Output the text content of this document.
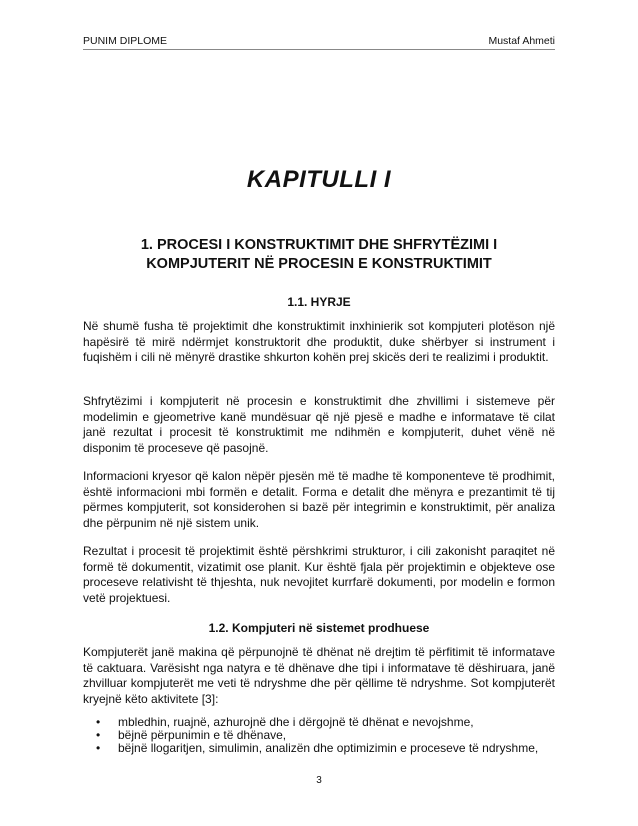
PUNIM DIPLOME	Mustaf Ahmeti
KAPITULLI I
1. PROCESI I KONSTRUKTIMIT DHE SHFRYTËZIMI I KOMPJUTERIT NË PROCESIN E KONSTRUKTIMIT
1.1. HYRJE

Në shumë fusha të projektimit dhe konstruktimit inxhinierik sot kompjuteri plotëson një hapësirë të mirë ndërmjet konstruktorit dhe produktit, duke shërbyer si instrument i fuqishëm i cili në mënyrë drastike shkurton kohën prej skicës deri te realizimi i produktit.

Shfrytëzimi i kompjuterit në procesin e konstruktimit dhe zhvillimi i sistemeve për modelimin e gjeometrive kanë mundësuar që një pjesë e madhe e informatave të cilat janë rezultat i procesit të konstruktimit me ndihmën e kompjuterit, duhet vënë në disponim të proceseve që pasojnë.

Informacioni kryesor që kalon nëpër pjesën më të madhe të komponenteve të prodhimit, është informacioni mbi formën e detalit. Forma e detalit dhe mënyra e prezantimit të tij përmes kompjuterit, sot konsiderohen si bazë për integrimin e konstruktimit, për analiza dhe përpunim në një sistem unik.

Rezultat i procesit të projektimit është përshkrimi strukturor, i cili zakonisht paraqitet në formë të dokumentit, vizatimit ose planit. Kur është fjala për projektimin e objekteve ose proceseve relativisht të thjeshta, nuk nevojitet kurrfarë dokumenti, por modelin e formon vetë projektuesi.

1.2. Kompjuteri në sistemet prodhuese

Kompjuterët janë makina që përpunojnë të dhënat në drejtim të përfitimit të informatave të caktuara. Varësisht nga natyra e të dhënave dhe tipi i informatave të dëshiruara, janë zhvilluar kompjuterët me veti të ndryshme dhe për qëllime të ndryshme. Sot kompjuterët kryejnë këto aktivitete [3]:

• mbledhin, ruajnë, azhurojnë dhe i dërgojnë të dhënat e nevojshme,
• bëjnë përpunimin e të dhënave,
• bëjnë llogaritjen, simulimin, analizën dhe optimizimin e proceseve të ndryshme,
3
